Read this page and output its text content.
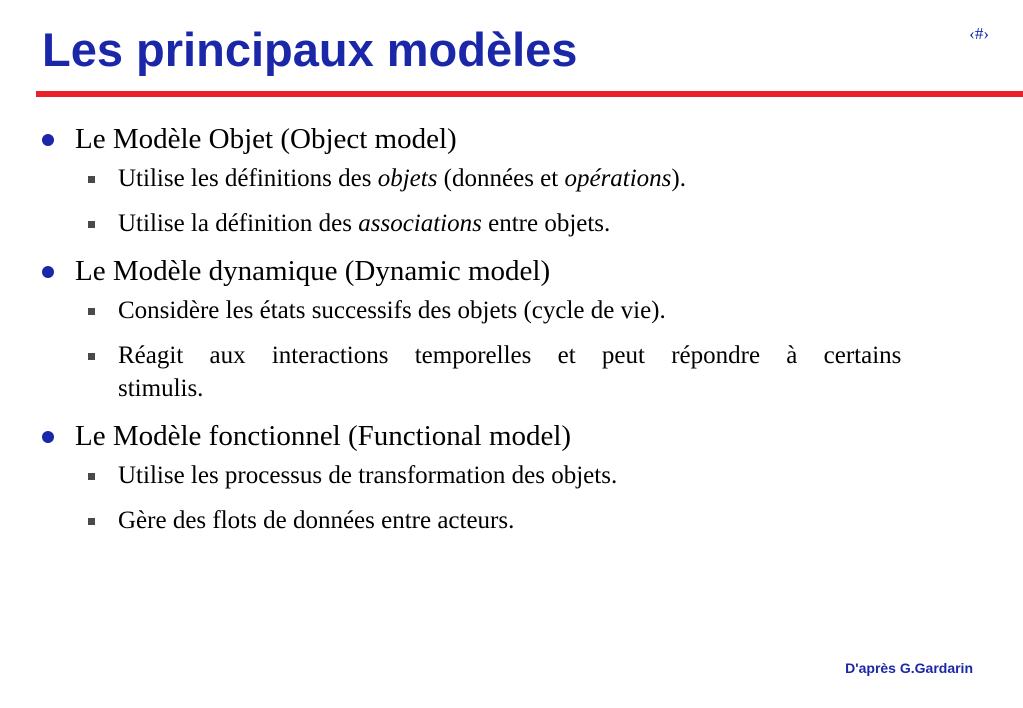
Les principaux modèles	‹#›
Le Modèle Objet (Object model)
Utilise les définitions des objets (données et opérations).
Utilise la définition des associations entre objets.
Le Modèle dynamique (Dynamic model)
Considère les états successifs des objets (cycle de vie).
Réagit aux interactions temporelles et peut répondre à certains
stimulis.
Le Modèle fonctionnel (Functional model)
Utilise les processus de transformation des objets.
Gère des flots de données entre acteurs.
D'après G.Gardarin
